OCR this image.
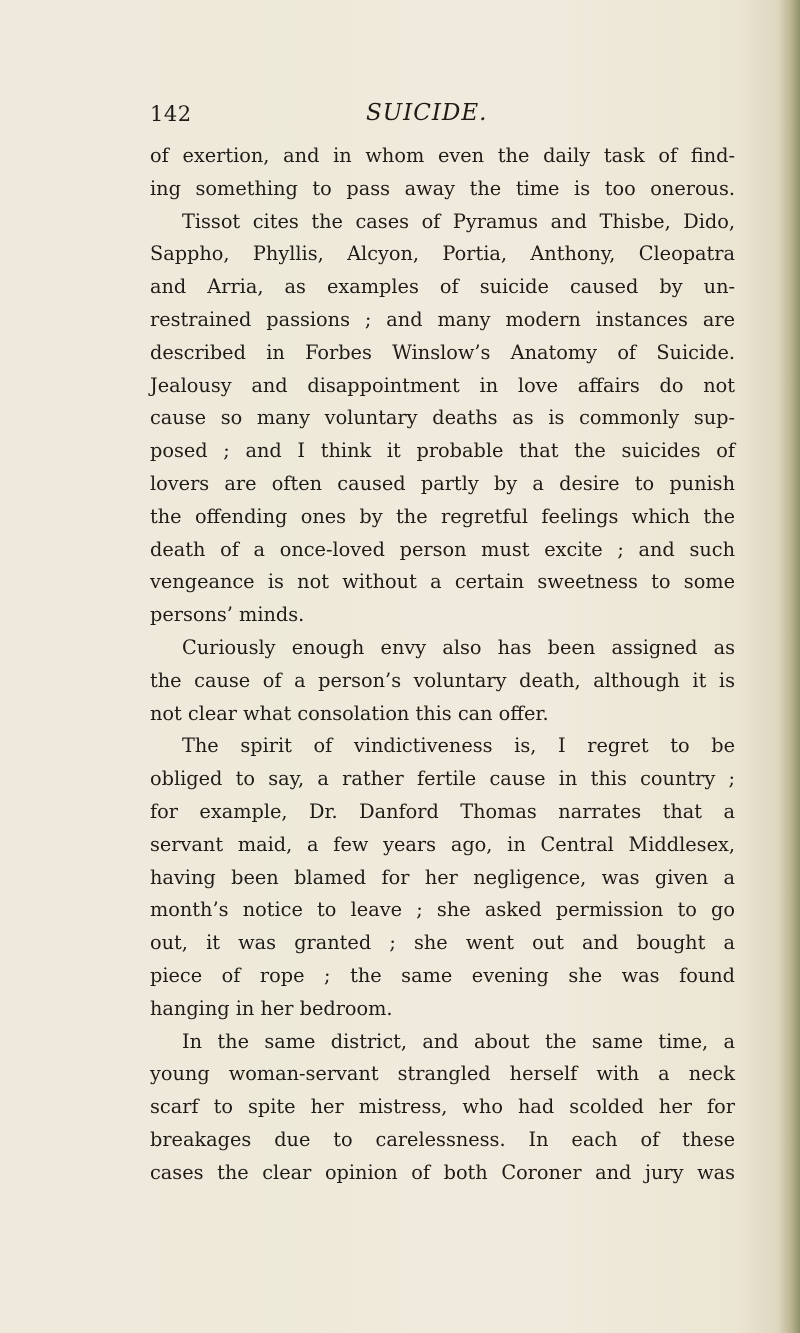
142	SUICIDE.
of exertion, and in whom even the daily task of find-
ing something to pass away the time is too onerous.
Tissot cites the cases of Pyramus and Thisbe, Dido,
Sappho, Phyllis, Alcyon, Portia, Anthony, Cleopatra
and Arria, as examples of suicide caused by un-
restrained passions ; and many modern instances are
described in Forbes Winslow’s Anatomy of Suicide.
Jealousy and disappointment in love affairs do not
cause so many voluntary deaths as is commonly sup-
posed ; and I think it probable that the suicides of
lovers are often caused partly by a desire to punish
the offending ones by the regretful feelings which the
death of a once-loved person must excite ; and such
vengeance is not without a certain sweetness to some
persons’ minds.
Curiously enough envy also has been assigned as
the cause of a person’s voluntary death, although it is
not clear what consolation this can offer.
The spirit of vindictiveness is, I regret to be
obliged to say, a rather fertile cause in this country ;
for example, Dr. Danford Thomas narrates that a
servant maid, a few years ago, in Central Middlesex,
having been blamed for her negligence, was given a
month’s notice to leave ; she asked permission to go
out, it was granted ; she went out and bought a
piece of rope ; the same evening she was found
hanging in her bedroom.
In the same district, and about the same time, a
young woman-servant strangled herself with a neck
scarf to spite her mistress, who had scolded her for
breakages due to carelessness. In each of these
cases the clear opinion of both Coroner and jury was
